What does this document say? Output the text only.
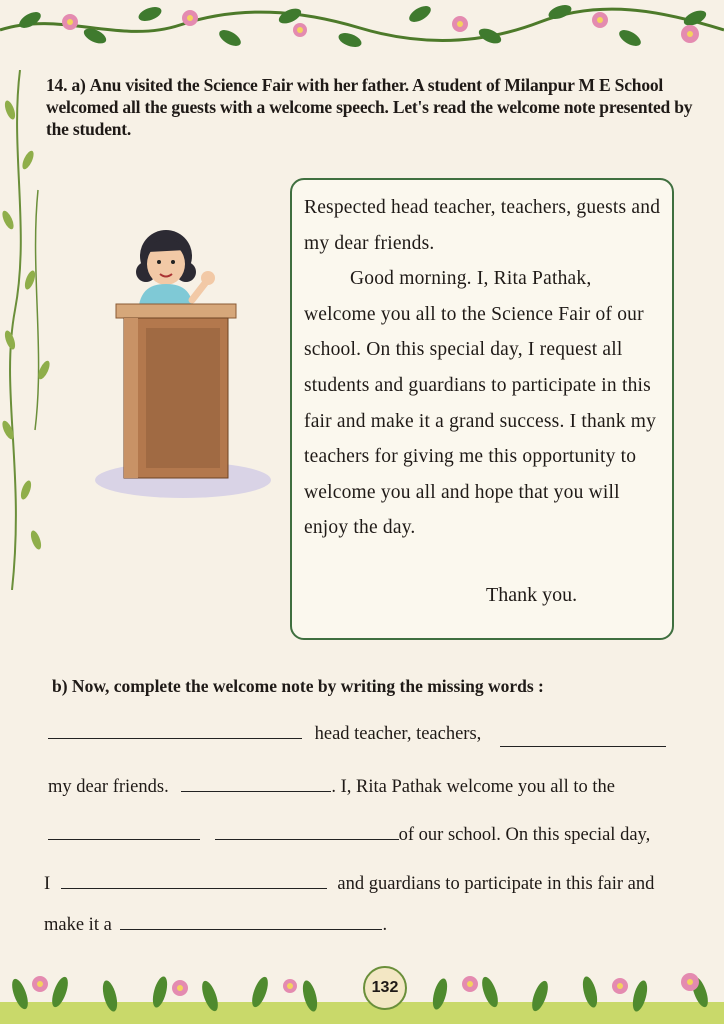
14. a) Anu visited the Science Fair with her father. A student of Milanpur M E School welcomed all the guests with a welcome speech. Let's read the welcome note presented by the student.

Respected head teacher, teachers, guests and my dear friends.

Good morning. I, Rita Pathak, welcome you all to the Science Fair of our school. On this special day, I request all students and guardians to participate in this fair and make it a grand success. I thank my teachers for giving me this opportunity to welcome you all and hope that you will enjoy the day.

Thank you.
b) Now, complete the welcome note by writing the missing words :
head teacher, teachers,
my dear friends.	. I, Rita Pathak welcome you all to the
of our school. On this special day,
I	and guardians to participate in this fair and
make it a	.
132
